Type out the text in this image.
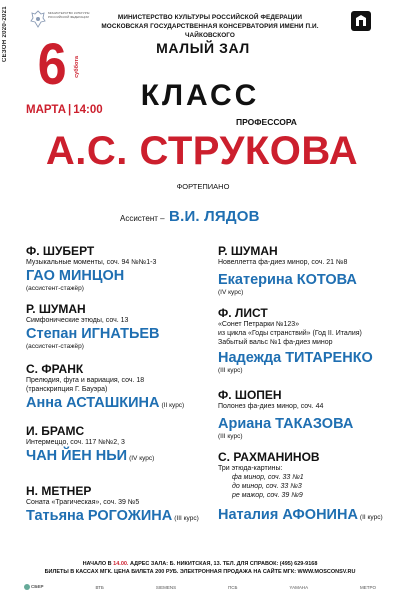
СЕЗОН 2020-2021	МИНИСТЕРСТВО КУЛЬТУРЫ РОССИЙСКОЙ ФЕДЕРАЦИИ	МИНИСТЕРСТВО КУЛЬТУРЫ РОССИЙСКОЙ ФЕДЕРАЦИИ
МОСКОВСКАЯ ГОСУДАРСТВЕННАЯ КОНСЕРВАТОРИЯ ИМЕНИ П.И. ЧАЙКОВСКОГО
6 суббота
МАРТА | 14:00
МАЛЫЙ ЗАЛ
КЛАСС
ПРОФЕССОРА
А.С. СТРУКОВА
ФОРТЕПИАНО
Ассистент – В.И. ЛЯДОВ
Ф. ШУБЕРТ
Музыкальные моменты, соч. 94 №№1-3
ГАО МИНЦОН
(ассистент-стажёр)
Р. ШУМАН
Симфонические этюды, соч. 13
Степан ИГНАТЬЕВ
(ассистент-стажёр)
С. ФРАНК
Прелюдия, фуга и вариация, соч. 18
(транскрипция Г. Бауэра)
Анна АСТАШКИНА (II курс)
И. БРАМС
Интермеццо, соч. 117 №№2, 3
ЧАН ЙЕН НЬИ (IV курс)
Н. МЕТНЕР
Соната «Трагическая», соч. 39 №5
Татьяна РОГОЖИНА (III курс)
Р. ШУМАН
Новеллетта фа-диез минор, соч. 21 №8
Екатерина КОТОВА
(IV курс)
Ф. ЛИСТ
«Сонет Петрарки №123»
из цикла «Годы странствий» (Год II. Италия)
Забытый вальс №1 фа-диез минор
Надежда ТИТАРЕНКО
(III курс)
Ф. ШОПЕН
Полонез фа-диез минор, соч. 44
Ариана ТАКАЗОВА
(III курс)
С. РАХМАНИНОВ
Три этюда-картины:
фа минор, соч. 33 №1
до минор, соч. 33 №3
ре мажор, соч. 39 №9
Наталия АФОНИНА (II курс)
НАЧАЛО В 14.00. АДРЕС ЗАЛА: Б. НИКИТСКАЯ, 13. ТЕЛ. ДЛЯ СПРАВОК: (495) 629-9168
БИЛЕТЫ В КАССАХ МГК. ЦЕНА БИЛЕТА 200 РУБ. ЭЛЕКТРОННАЯ ПРОДАЖА НА САЙТЕ МГК: WWW.MOSCONSV.RU
СБЕР	ВТБ	SIEMENS	ПСБ	YAMAHA	МЕТРО
